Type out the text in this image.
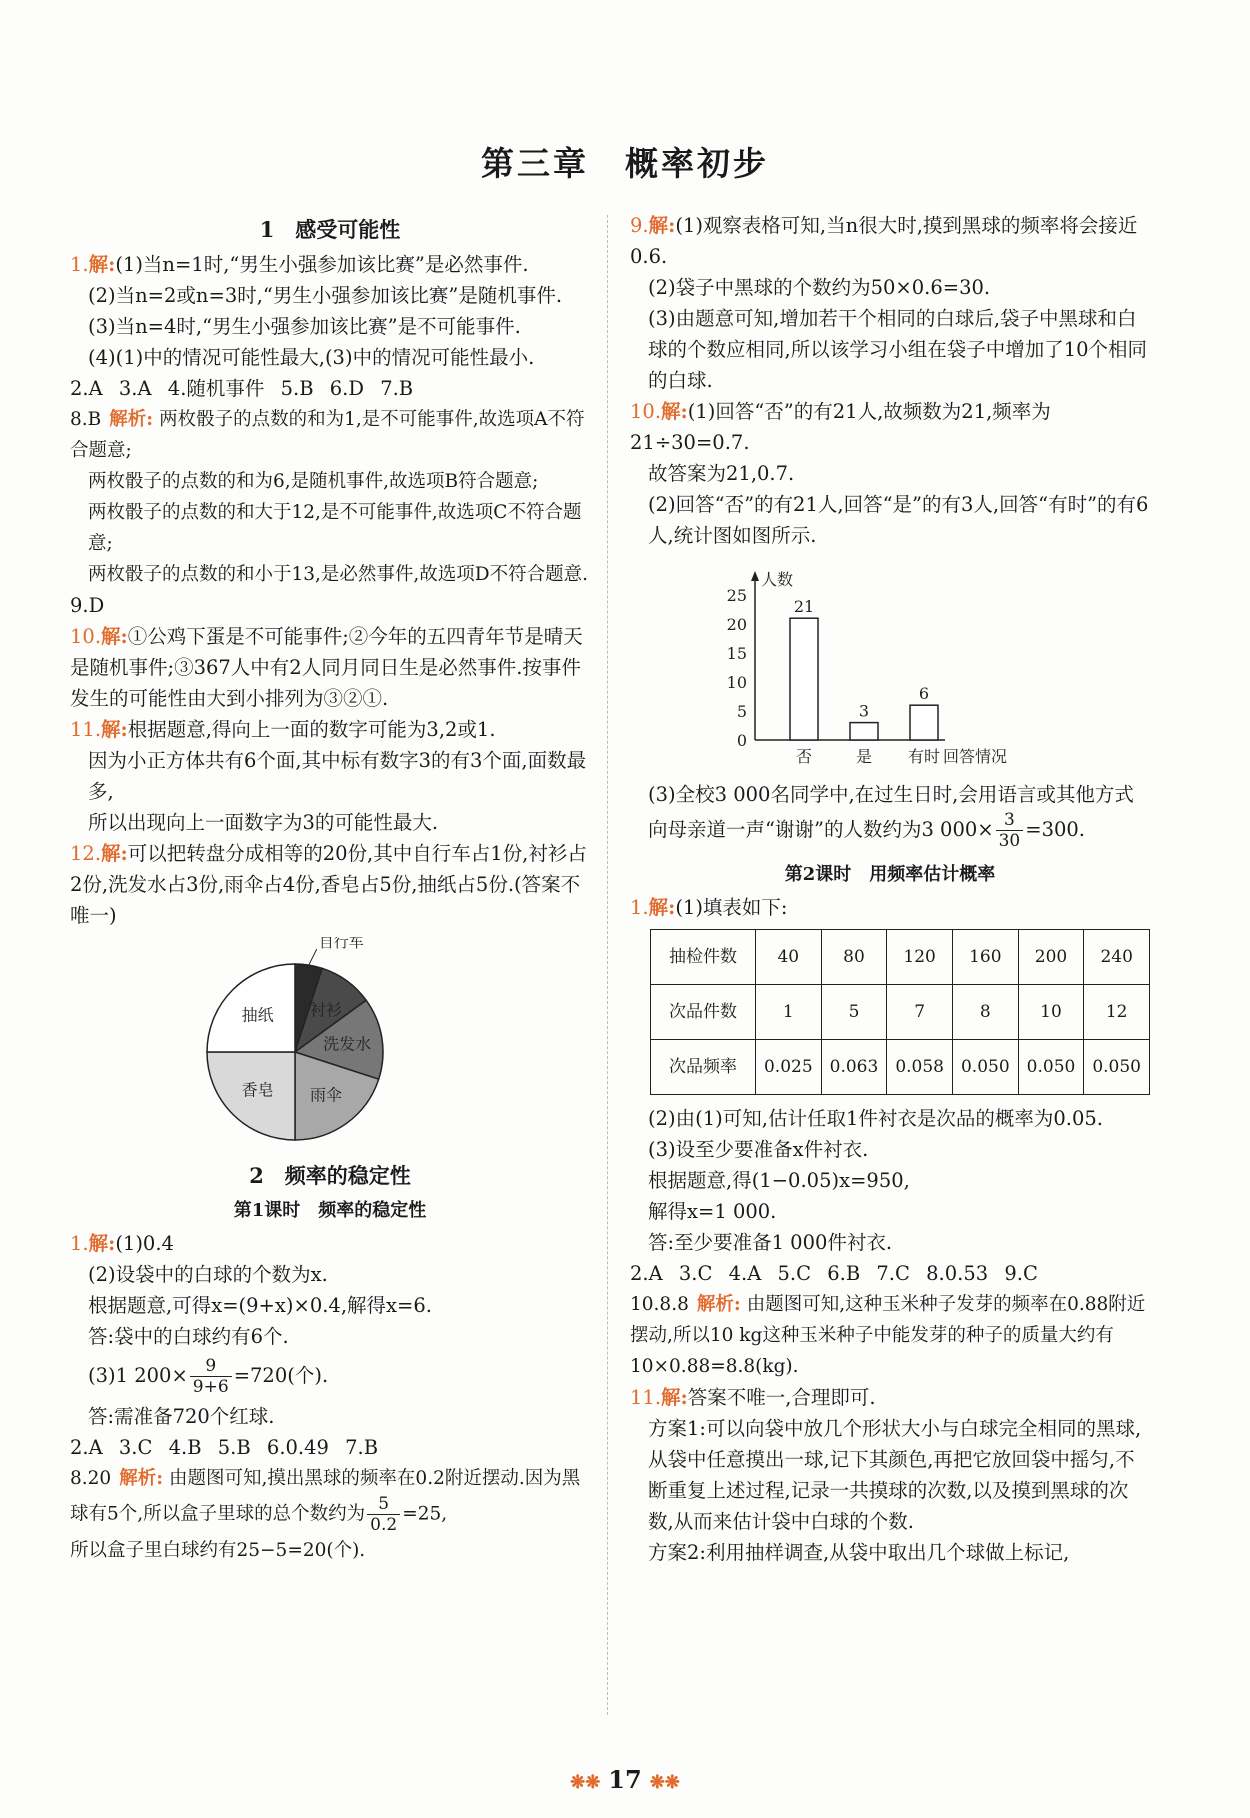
第三章　概率初步
1　感受可能性

1.解:(1)当n=1时,“男生小强参加该比赛”是必然事件.

(2)当n=2或n=3时,“男生小强参加该比赛”是随机事件.

(3)当n=4时,“男生小强参加该比赛”是不可能事件.

(4)(1)中的情况可能性最大,(3)中的情况可能性最小.

2.A 3.A 4.随机事件 5.B 6.D 7.B

8.B 解析: 两枚骰子的点数的和为1,是不可能事件,故选项A不符合题意;

两枚骰子的点数的和为6,是随机事件,故选项B符合题意;

两枚骰子的点数的和大于12,是不可能事件,故选项C不符合题意;

两枚骰子的点数的和小于13,是必然事件,故选项D不符合题意.

9.D

10.解:①公鸡下蛋是不可能事件;②今年的五四青年节是晴天是随机事件;③367人中有2人同月同日生是必然事件.按事件发生的可能性由大到小排列为③②①.

11.解:根据题意,得向上一面的数字可能为3,2或1.

因为小正方体共有6个面,其中标有数字3的有3个面,面数最多,

所以出现向上一面数字为3的可能性最大.

12.解:可以把转盘分成相等的20份,其中自行车占1份,衬衫占2份,洗发水占3份,雨伞占4份,香皂占5份,抽纸占5份.(答案不唯一)

自行车
衬衫
洗发水
雨伞
香皂
抽纸
2　频率的稳定性
第1课时　频率的稳定性

1.解:(1)0.4

(2)设袋中的白球的个数为x.

根据题意,可得x=(9+x)×0.4,解得x=6.

答:袋中的白球约有6个.

(3)1 $200\times \frac{9}{9+6} =720$(个).

答:需准备720个红球.

2.A 3.C 4.B 5.B 6.0.49 7.B

8.20 解析: 由题图可知,摸出黑球的频率在0.2附近摆动.因为黑球有5个,所以盒子里球的总个数约为 $\frac{5}{0.2} =25$,

所以盒子里白球约有25−5=20(个).

9.解:(1)观察表格可知,当n很大时,摸到黑球的频率将会接近0.6.

(2)袋子中黑球的个数约为50×0.6=30.

(3)由题意可知,增加若干个相同的白球后,袋子中黑球和白球的个数应相同,所以该学习小组在袋子中增加了10个相同的白球.

10.解:(1)回答“否”的有21人,故频数为21,频率为21÷30=0.7.

故答案为21,0.7.

(2)回答“否”的有21人,回答“是”的有3人,回答“有时”的有6人,统计图如图所示.

人数
0
5
10
15
20
25
21
否
3
是
6
有时 回答情况

(3)全校3 000名同学中,在过生日时,会用语言或其他方式向母亲道一声“谢谢”的人数约为3 $000\times \frac{3}{30} =300$.

第2课时　用频率估计概率

1.解:(1)填表如下:

抽检件数	40	80	120	160	200	240
次品件数	1	5	7	8	10	12
次品频率	0.025	0.063	0.058	0.050	0.050	0.050

(2)由(1)可知,估计任取1件衬衣是次品的概率为0.05.

(3)设至少要准备x件衬衣.

根据题意,得(1−0.05)x=950,

解得x=1 000.

答:至少要准备1 000件衬衣.

2.A 3.C 4.A 5.C 6.B 7.C 8.0.53 9.C

10.8.8 解析: 由题图可知,这种玉米种子发芽的频率在0.88附近摆动,所以10 kg这种玉米种子中能发芽的种子的质量大约有10×0.88=8.8(kg).

11.解:答案不唯一,合理即可.

方案1:可以向袋中放几个形状大小与白球完全相同的黑球,从袋中任意摸出一球,记下其颜色,再把它放回袋中摇匀,不断重复上述过程,记录一共摸球的次数,以及摸到黑球的次数,从而来估计袋中白球的个数.

方案2:利用抽样调查,从袋中取出几个球做上标记,

❋❋ 17 ❋❋
